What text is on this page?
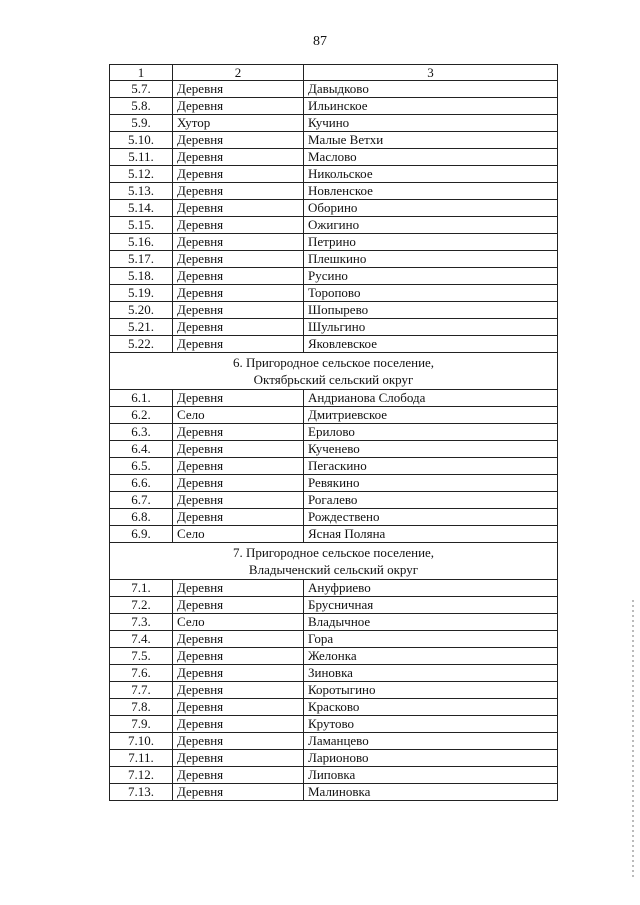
87
1	2	3
5.7.	Деревня	Давыдково
5.8.	Деревня	Ильинское
5.9.	Хутор	Кучино
5.10.	Деревня	Малые Ветхи
5.11.	Деревня	Маслово
5.12.	Деревня	Никольское
5.13.	Деревня	Новленское
5.14.	Деревня	Оборино
5.15.	Деревня	Ожигино
5.16.	Деревня	Петрино
5.17.	Деревня	Плешкино
5.18.	Деревня	Русино
5.19.	Деревня	Торопово
5.20.	Деревня	Шопырево
5.21.	Деревня	Шульгино
5.22.	Деревня	Яковлевское

6. Пригородное сельское поселение,
Октябрьский сельский округ		

6.1.	Деревня	Андрианова Слобода
6.2.	Село	Дмитриевское
6.3.	Деревня	Ерилово
6.4.	Деревня	Кученево
6.5.	Деревня	Пегаскино
6.6.	Деревня	Ревякино
6.7.	Деревня	Рогалево
6.8.	Деревня	Рождествено
6.9.	Село	Ясная Поляна

7. Пригородное сельское поселение,
Владыченский сельский округ		

7.1.	Деревня	Ануфриево
7.2.	Деревня	Брусничная
7.3.	Село	Владычное
7.4.	Деревня	Гора
7.5.	Деревня	Желонка
7.6.	Деревня	Зиновка
7.7.	Деревня	Коротыгино
7.8.	Деревня	Красково
7.9.	Деревня	Крутово
7.10.	Деревня	Ламанцево
7.11.	Деревня	Ларионово
7.12.	Деревня	Липовка
7.13.	Деревня	Малиновка
